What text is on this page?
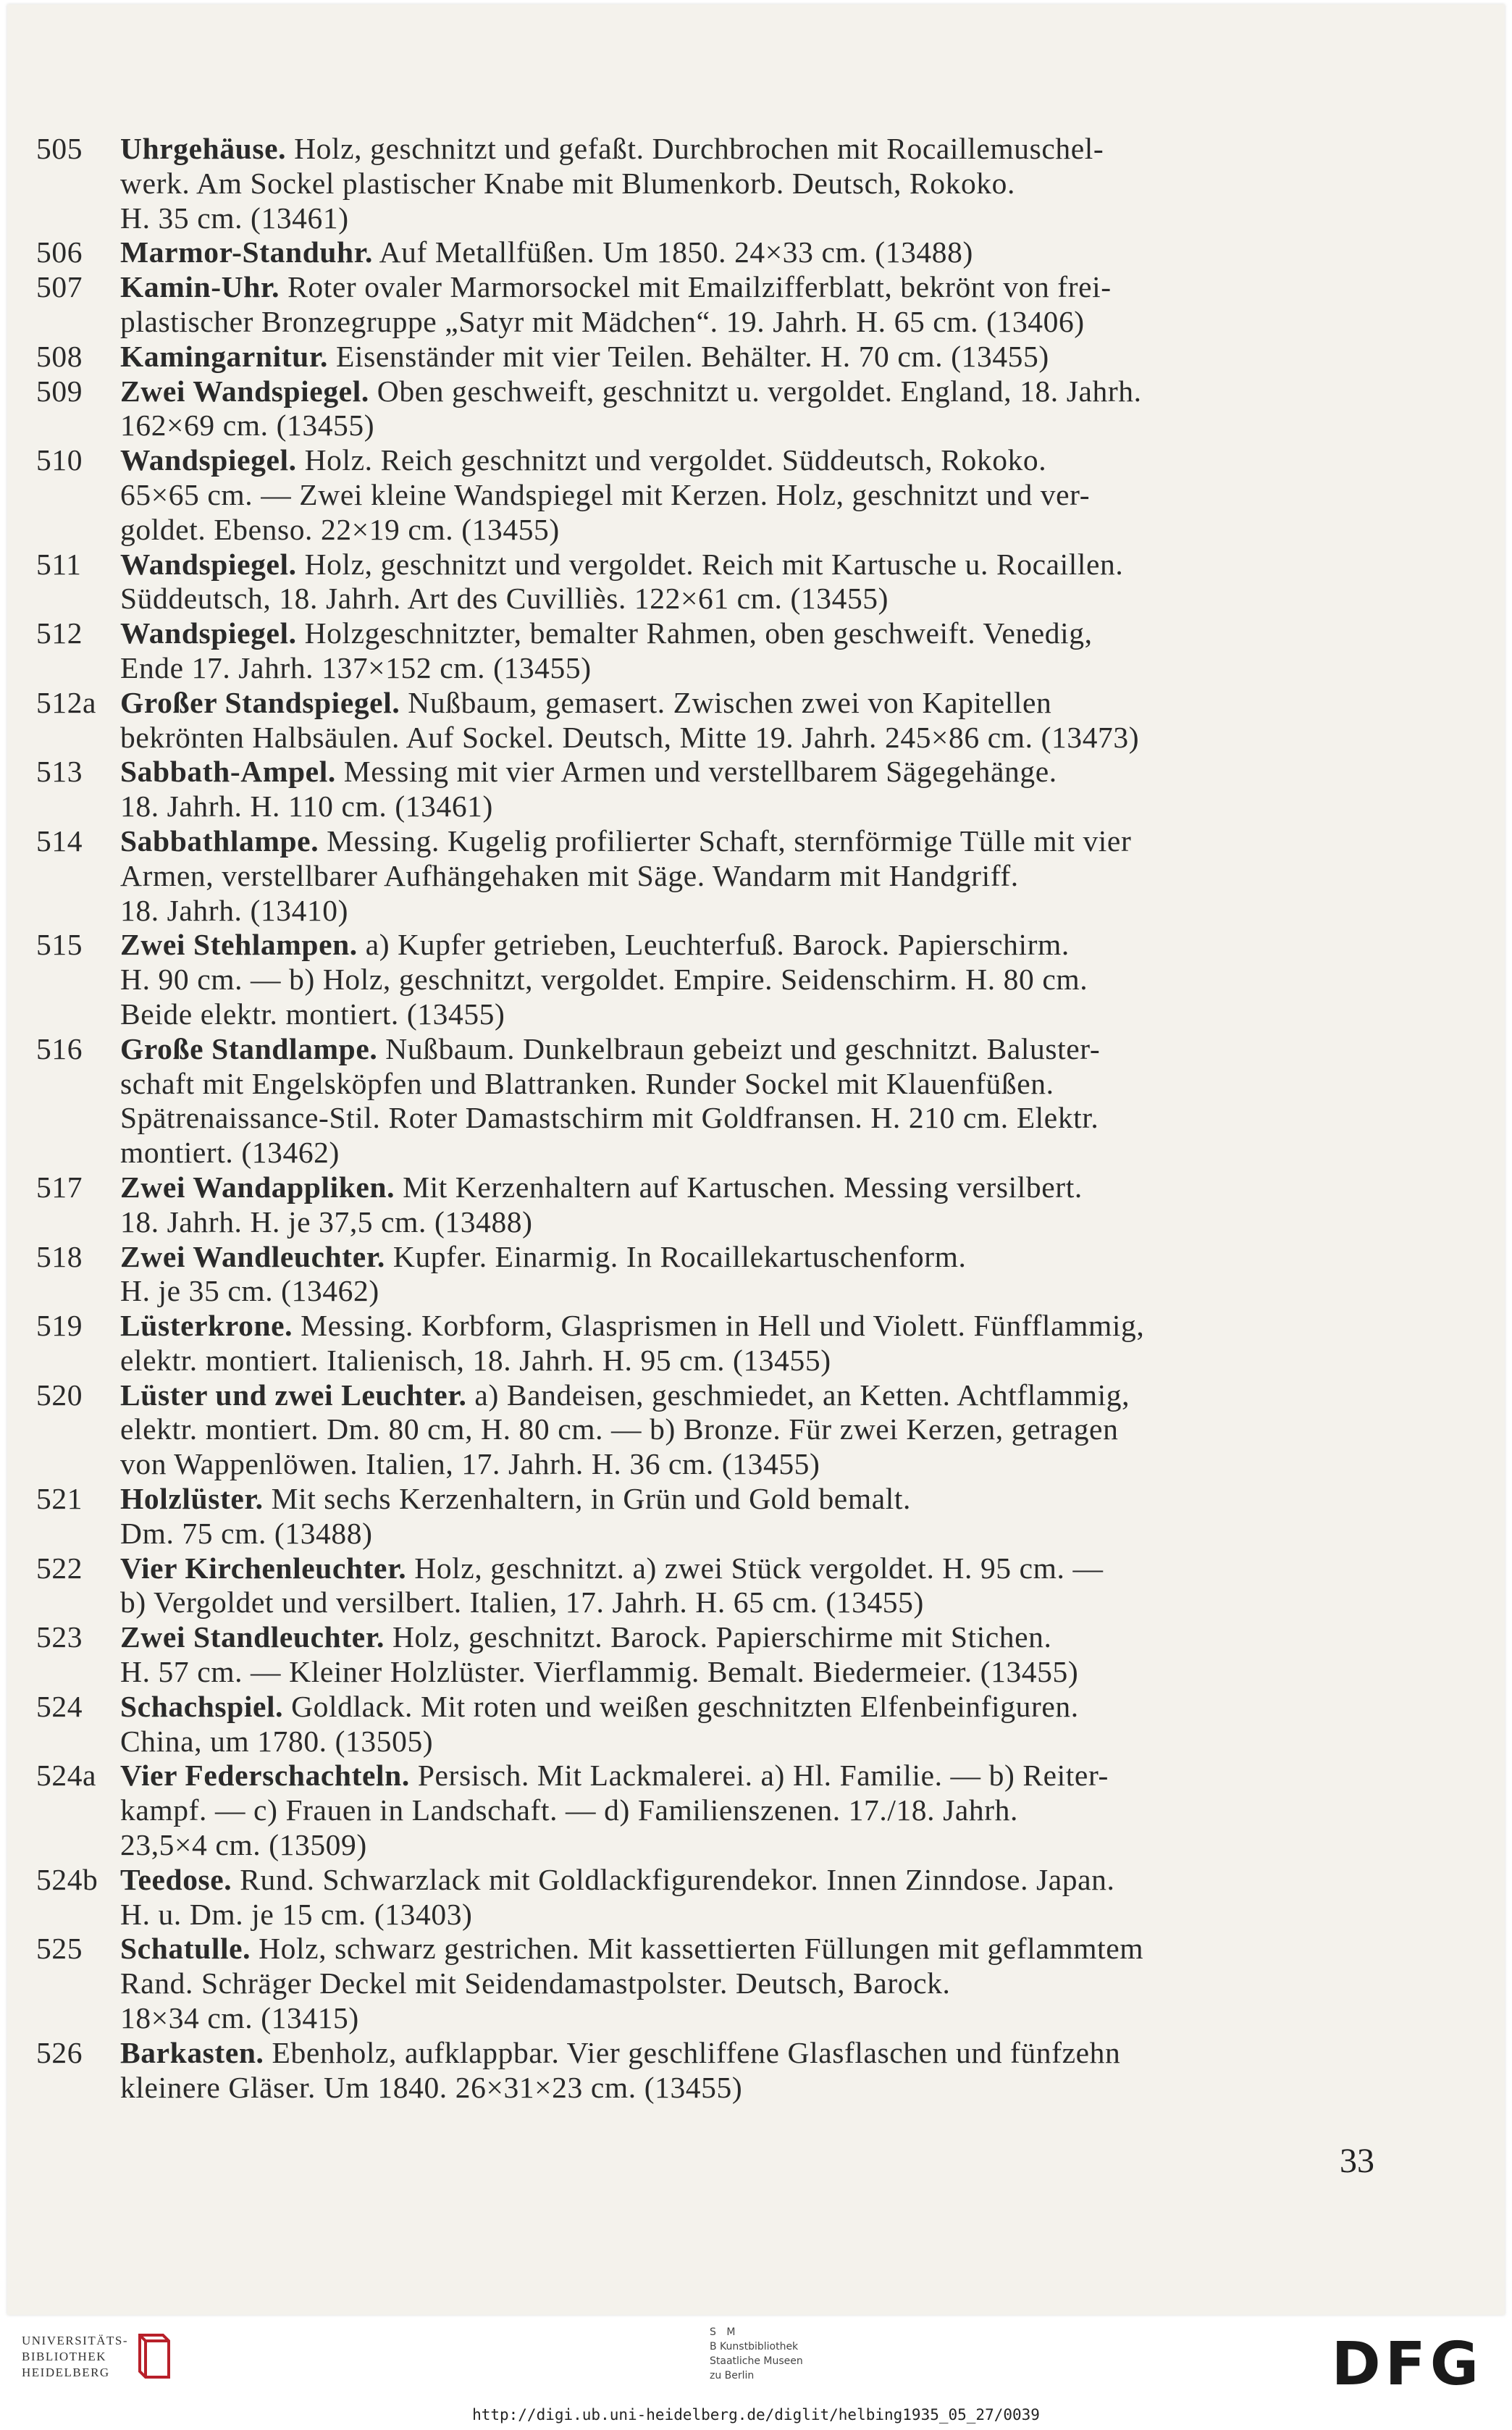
505	Uhrgehäuse. Holz, geschnitzt und gefaßt. Durchbrochen mit Rocaillemuschel-
werk. Am Sockel plastischer Knabe mit Blumenkorb. Deutsch, Rokoko.
H. 35 cm. (13461)
506	Marmor-Standuhr. Auf Metallfüßen. Um 1850. 24×33 cm. (13488)
507	Kamin-Uhr. Roter ovaler Marmorsockel mit Emailzifferblatt, bekrönt von frei-
plastischer Bronzegruppe „Satyr mit Mädchen“. 19. Jahrh. H. 65 cm. (13406)
508	Kamingarnitur. Eisenständer mit vier Teilen. Behälter. H. 70 cm. (13455)
509	Zwei Wandspiegel. Oben geschweift, geschnitzt u. vergoldet. England, 18. Jahrh.
162×69 cm. (13455)
510	Wandspiegel. Holz. Reich geschnitzt und vergoldet. Süddeutsch, Rokoko.
65×65 cm. — Zwei kleine Wandspiegel mit Kerzen. Holz, geschnitzt und ver-
goldet. Ebenso. 22×19 cm. (13455)
511	Wandspiegel. Holz, geschnitzt und vergoldet. Reich mit Kartusche u. Rocaillen.
Süddeutsch, 18. Jahrh. Art des Cuvilliès. 122×61 cm. (13455)
512	Wandspiegel. Holzgeschnitzter, bemalter Rahmen, oben geschweift. Venedig,
Ende 17. Jahrh. 137×152 cm. (13455)
512a Großer Standspiegel. Nußbaum, gemasert. Zwischen zwei von Kapitellen
bekrönten Halbsäulen. Auf Sockel. Deutsch, Mitte 19. Jahrh. 245×86 cm. (13473)
513	Sabbath-Ampel. Messing mit vier Armen und verstellbarem Sägegehänge.
18. Jahrh. H. 110 cm. (13461)
514	Sabbathlampe. Messing. Kugelig profilierter Schaft, sternförmige Tülle mit vier
Armen, verstellbarer Aufhängehaken mit Säge. Wandarm mit Handgriff.
18. Jahrh. (13410)
515	Zwei Stehlampen. a) Kupfer getrieben, Leuchterfuß. Barock. Papierschirm.
H. 90 cm. — b) Holz, geschnitzt, vergoldet. Empire. Seidenschirm. H. 80 cm.
Beide elektr. montiert. (13455)
516	Große Standlampe. Nußbaum. Dunkelbraun gebeizt und geschnitzt. Baluster-
schaft mit Engelsköpfen und Blattranken. Runder Sockel mit Klauenfüßen.
Spätrenaissance-Stil. Roter Damastschirm mit Goldfransen. H. 210 cm. Elektr.
montiert. (13462)
517	Zwei Wandappliken. Mit Kerzenhaltern auf Kartuschen. Messing versilbert.
18. Jahrh. H. je 37,5 cm. (13488)
518	Zwei Wandleuchter. Kupfer. Einarmig. In Rocaillekartuschenform.
H. je 35 cm. (13462)
519	Lüsterkrone. Messing. Korbform, Glasprismen in Hell und Violett. Fünfflammig,
elektr. montiert. Italienisch, 18. Jahrh. H. 95 cm. (13455)
520	Lüster und zwei Leuchter. a) Bandeisen, geschmiedet, an Ketten. Achtflammig,
elektr. montiert. Dm. 80 cm, H. 80 cm. — b) Bronze. Für zwei Kerzen, getragen
von Wappenlöwen. Italien, 17. Jahrh. H. 36 cm. (13455)
521	Holzlüster. Mit sechs Kerzenhaltern, in Grün und Gold bemalt.
Dm. 75 cm. (13488)
522	Vier Kirchenleuchter. Holz, geschnitzt. a) zwei Stück vergoldet. H. 95 cm. —
b) Vergoldet und versilbert. Italien, 17. Jahrh. H. 65 cm. (13455)
523	Zwei Standleuchter. Holz, geschnitzt. Barock. Papierschirme mit Stichen.
H. 57 cm. — Kleiner Holzlüster. Vierflammig. Bemalt. Biedermeier. (13455)
524	Schachspiel. Goldlack. Mit roten und weißen geschnitzten Elfenbeinfiguren.
China, um 1780. (13505)
524a Vier Federschachteln. Persisch. Mit Lackmalerei. a) Hl. Familie. — b) Reiter-
kampf. — c) Frauen in Landschaft. — d) Familienszenen. 17./18. Jahrh.
23,5×4 cm. (13509)
524b Teedose. Rund. Schwarzlack mit Goldlackfigurendekor. Innen Zinndose. Japan.
H. u. Dm. je 15 cm. (13403)
525	Schatulle. Holz, schwarz gestrichen. Mit kassettierten Füllungen mit geflammtem
Rand. Schräger Deckel mit Seidendamastpolster. Deutsch, Barock.
18×34 cm. (13415)
526	Barkasten. Ebenholz, aufklappbar. Vier geschliffene Glasflaschen und fünfzehn
kleinere Gläser. Um 1840. 26×31×23 cm. (13455)
33
UNIVERSITÄTS-
BIBLIOTHEK
HEIDELBERG
S M
B Kunstbibliothek
Staatliche Museen
zu Berlin	DFG
http://digi.ub.uni-heidelberg.de/diglit/helbing1935_05_27/0039
